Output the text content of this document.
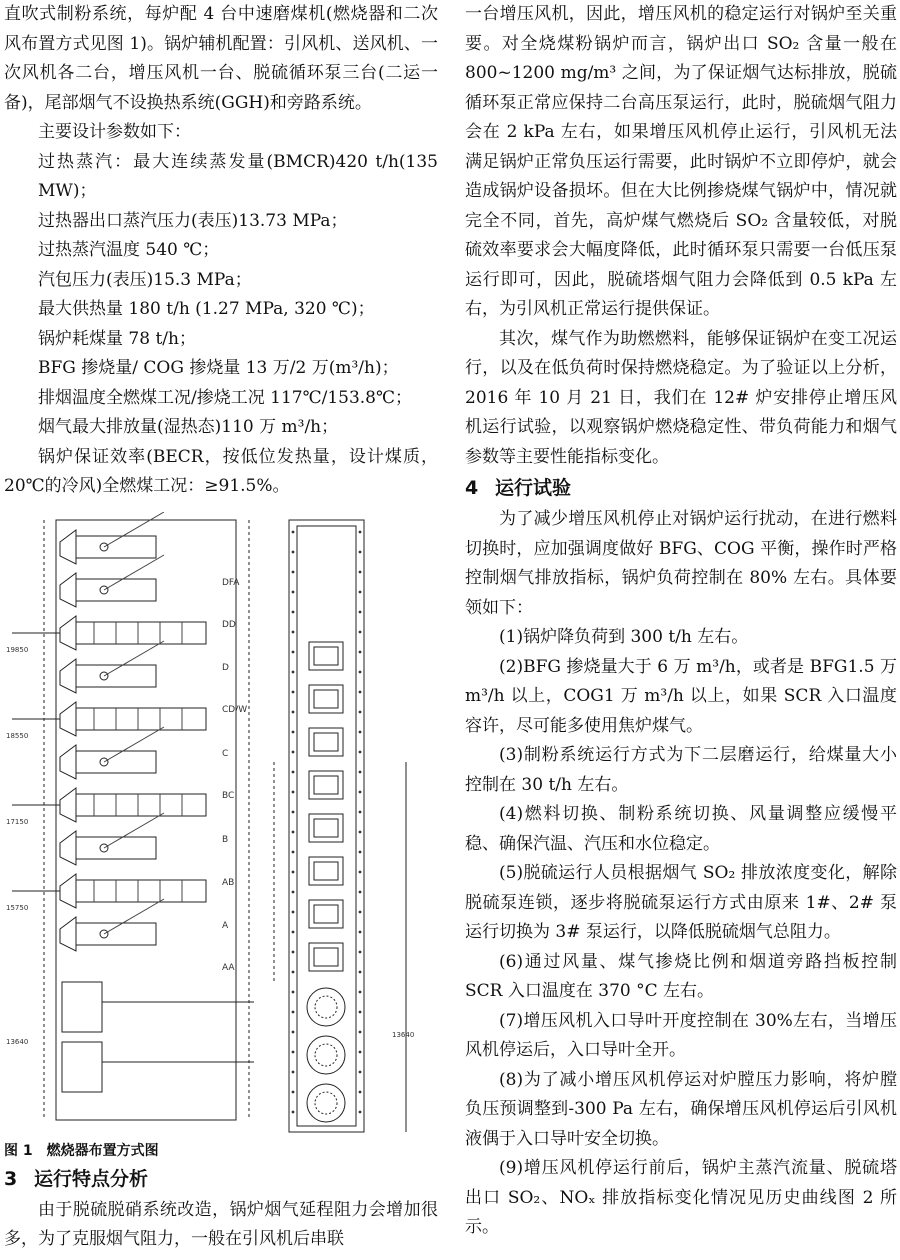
直吹式制粉系统，每炉配 4 台中速磨煤机(燃烧器和二次风布置方式见图 1)。锅炉辅机配置：引风机、送风机、一次风机各二台，增压风机一台、脱硫循环泵三台(二运一备)，尾部烟气不设换热系统(GGH)和旁路系统。

主要设计参数如下：

过热蒸汽：最大连续蒸发量(BMCR)420 t/h(135 MW)；

过热器出口蒸汽压力(表压)13.73 MPa；

过热蒸汽温度 540 ℃；

汽包压力(表压)15.3 MPa；

最大供热量 180 t/h (1.27 MPa, 320 ℃)；

锅炉耗煤量 78 t/h；

BFG 掺烧量/ COG 掺烧量 13 万/2 万(m³/h)；

排烟温度全燃煤工况/掺烧工况 117℃/153.8℃；

烟气最大排放量(湿热态)110 万 m³/h；

锅炉保证效率(BECR，按低位发热量，设计煤质，20℃的冷风)全燃煤工况：≥91.5%。

DFA
DD
D
CD/W
C
BC
B
AB
A
AA
19850
18550
17150
15750
13640
13640
图 1 燃烧器布置方式图
3 运行特点分析

由于脱硫脱硝系统改造，锅炉烟气延程阻力会增加很多，为了克服烟气阻力，一般在引风机后串联

一台增压风机，因此，增压风机的稳定运行对锅炉至关重要。对全烧煤粉锅炉而言，锅炉出口 SO₂ 含量一般在 800~1200 mg/m³ 之间，为了保证烟气达标排放，脱硫循环泵正常应保持二台高压泵运行，此时，脱硫烟气阻力会在 2 kPa 左右，如果增压风机停止运行，引风机无法满足锅炉正常负压运行需要，此时锅炉不立即停炉，就会造成锅炉设备损坏。但在大比例掺烧煤气锅炉中，情况就完全不同，首先，高炉煤气燃烧后 SO₂ 含量较低，对脱硫效率要求会大幅度降低，此时循环泵只需要一台低压泵运行即可，因此，脱硫塔烟气阻力会降低到 0.5 kPa 左右，为引风机正常运行提供保证。

其次，煤气作为助燃燃料，能够保证锅炉在变工况运行，以及在低负荷时保持燃烧稳定。为了验证以上分析，2016 年 10 月 21 日，我们在 12# 炉安排停止增压风机运行试验，以观察锅炉燃烧稳定性、带负荷能力和烟气参数等主要性能指标变化。

4 运行试验

为了减少增压风机停止对锅炉运行扰动，在进行燃料切换时，应加强调度做好 BFG、COG 平衡，操作时严格控制烟气排放指标，锅炉负荷控制在 80% 左右。具体要领如下：

(1)锅炉降负荷到 300 t/h 左右。

(2)BFG 掺烧量大于 6 万 m³/h，或者是 BFG1.5 万 m³/h 以上，COG1 万 m³/h 以上，如果 SCR 入口温度容许，尽可能多使用焦炉煤气。

(3)制粉系统运行方式为下二层磨运行，给煤量大小控制在 30 t/h 左右。

(4)燃料切换、制粉系统切换、风量调整应缓慢平稳、确保汽温、汽压和水位稳定。

(5)脱硫运行人员根据烟气 SO₂ 排放浓度变化，解除脱硫泵连锁，逐步将脱硫泵运行方式由原来 1#、2# 泵运行切换为 3# 泵运行，以降低脱硫烟气总阻力。

(6)通过风量、煤气掺烧比例和烟道旁路挡板控制 SCR 入口温度在 370 °C 左右。

(7)增压风机入口导叶开度控制在 30%左右，当增压风机停运后，入口导叶全开。

(8)为了减小增压风机停运对炉膛压力影响，将炉膛负压预调整到-300 Pa 左右，确保增压风机停运后引风机液偶于入口导叶安全切换。

(9)增压风机停运行前后，锅炉主蒸汽流量、脱硫塔出口 SO₂、NOₓ 排放指标变化情况见历史曲线图 2 所示。
